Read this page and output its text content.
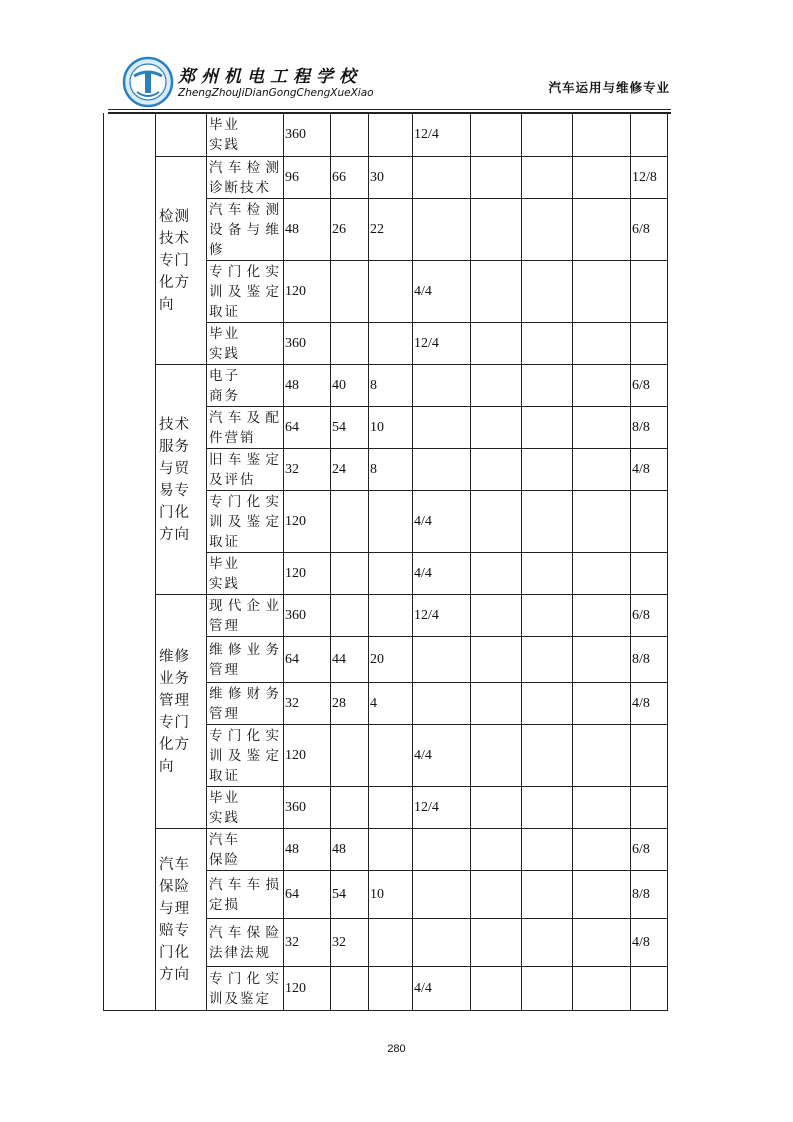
郑州机电工程学校
ZhengZhouJiDianGongChengXueXiao	汽车运用与维修专业
		毕业
实践	360			12/4				
	检测技术专门化方向	汽车检测诊断技术	96	66	30					12/8
		汽车检测设备与维修	48	26	22					6/8
		专门化实训及鉴定取证	120			4/4				
		毕业
实践	360			12/4				
	技术服务与贸易专门化方向	电子
商务	48	40	8					6/8
		汽车及配件营销	64	54	10					8/8
		旧车鉴定及评估	32	24	8					4/8
		专门化实训及鉴定取证	120			4/4				
		毕业
实践	120			4/4				
	维修业务管理专门化方向	现代企业管理	360			12/4				6/8
		维修业务管理	64	44	20					8/8
		维修财务管理	32	28	4					4/8
		专门化实训及鉴定取证	120			4/4				
		毕业
实践	360			12/4				
	汽车保险与理赔专门化方向	汽车
保险	48	48						6/8
		汽车车损定损	64	54	10					8/8
		汽车保险法律法规	32	32						4/8
		专门化实训及鉴定	120			4/4				
280
